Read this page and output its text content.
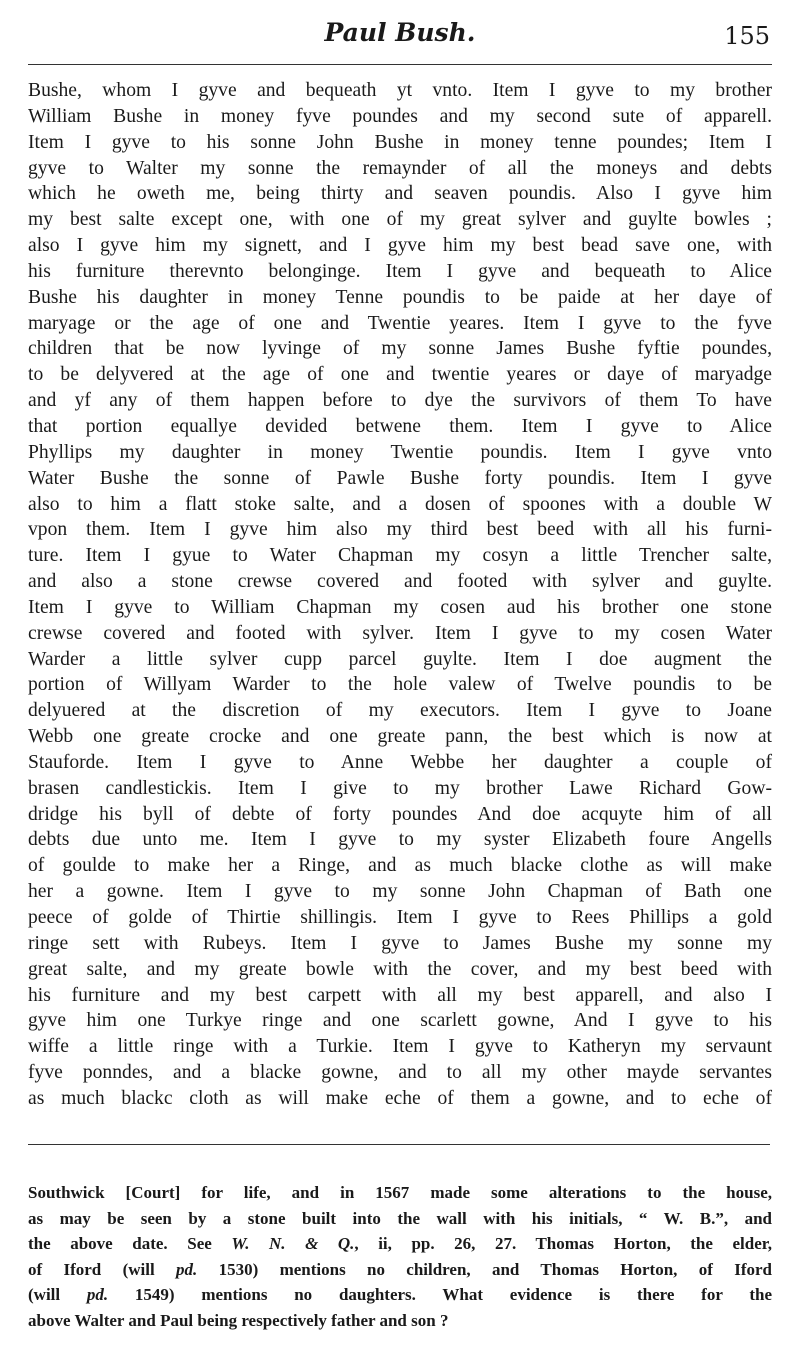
Paul Bush.	155
Bushe, whom I gyve and bequeath yt vnto. Item I gyve to my brother
William Bushe in money fyve poundes and my second sute of apparell.
Item I gyve to his sonne John Bushe in money tenne poundes; Item I
gyve to Walter my sonne the remaynder of all the moneys and debts
which he oweth me, being thirty and seaven poundis. Also I gyve him
my best salte except one, with one of my great sylver and guylte bowles ;
also I gyve him my signett, and I gyve him my best bead save one, with
his furniture therevnto belonginge. Item I gyve and bequeath to Alice
Bushe his daughter in money Tenne poundis to be paide at her daye of
maryage or the age of one and Twentie yeares. Item I gyve to the fyve
children that be now lyvinge of my sonne James Bushe fyftie poundes,
to be delyvered at the age of one and twentie yeares or daye of maryadge
and yf any of them happen before to dye the survivors of them To have
that portion equallye devided betwene them. Item I gyve to Alice
Phyllips my daughter in money Twentie poundis. Item I gyve vnto
Water Bushe the sonne of Pawle Bushe forty poundis. Item I gyve
also to him a flatt stoke salte, and a dosen of spoones with a double W
vpon them. Item I gyve him also my third best beed with all his furni-
ture. Item I gyue to Water Chapman my cosyn a little Trencher salte,
and also a stone crewse covered and footed with sylver and guylte.
Item I gyve to William Chapman my cosen aud his brother one stone
crewse covered and footed with sylver. Item I gyve to my cosen Water
Warder a little sylver cupp parcel guylte. Item I doe augment the
portion of Willyam Warder to the hole valew of Twelve poundis to be
delyuered at the discretion of my executors. Item I gyve to Joane
Webb one greate crocke and one greate pann, the best which is now at
Stauforde. Item I gyve to Anne Webbe her daughter a couple of
brasen candlestickis. Item I give to my brother Lawe Richard Gow-
dridge his byll of debte of forty poundes And doe acquyte him of all
debts due unto me. Item I gyve to my syster Elizabeth foure Angells
of goulde to make her a Ringe, and as much blacke clothe as will make
her a gowne. Item I gyve to my sonne John Chapman of Bath one
peece of golde of Thirtie shillingis. Item I gyve to Rees Phillips a gold
ringe sett with Rubeys. Item I gyve to James Bushe my sonne my
great salte, and my greate bowle with the cover, and my best beed with
his furniture and my best carpett with all my best apparell, and also I
gyve him one Turkye ringe and one scarlett gowne, And I gyve to his
wiffe a little ringe with a Turkie. Item I gyve to Katheryn my servaunt
fyve ponndes, and a blacke gowne, and to all my other mayde servantes
as much blackc cloth as will make eche of them a gowne, and to eche of
Southwick [Court] for life, and in 1567 made some alterations to the house,
as may be seen by a stone built into the wall with his initials, “ W. B.”, and
the above date. See W. N. & Q., ii, pp. 26, 27. Thomas Horton, the elder,
of Iford (will pd. 1530) mentions no children, and Thomas Horton, of Iford
(will pd. 1549) mentions no daughters. What evidence is there for the
above Walter and Paul being respectively father and son ?
